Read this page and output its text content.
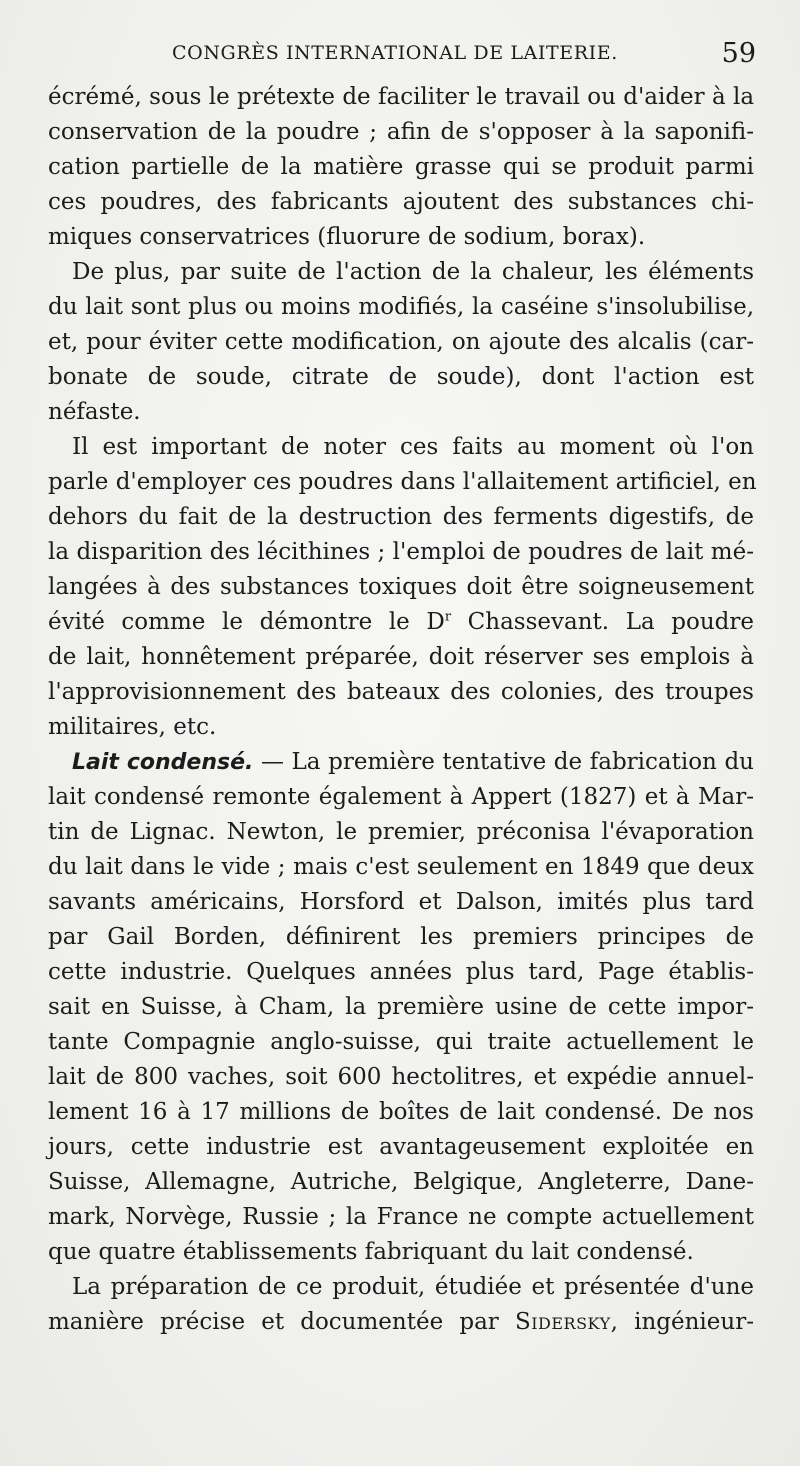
CONGRÈS INTERNATIONAL DE LAITERIE.	59
écrémé, sous le prétexte de faciliter le travail ou d'aider à la
conservation de la poudre ; afin de s'opposer à la saponifi-
cation partielle de la matière grasse qui se produit parmi
ces poudres, des fabricants ajoutent des substances chi-
miques conservatrices (fluorure de sodium, borax).
De plus, par suite de l'action de la chaleur, les éléments
du lait sont plus ou moins modifiés, la caséine s'insolubilise,
et, pour éviter cette modification, on ajoute des alcalis (car-
bonate de soude, citrate de soude), dont l'action est
néfaste.
Il est important de noter ces faits au moment où l'on
parle d'employer ces poudres dans l'allaitement artificiel, en
dehors du fait de la destruction des ferments digestifs, de
la disparition des lécithines ; l'emploi de poudres de lait mé-
langées à des substances toxiques doit être soigneusement
évité comme le démontre le $D^r$ Chassevant. La poudre
de lait, honnêtement préparée, doit réserver ses emplois à
l'approvisionnement des bateaux des colonies, des troupes
militaires, etc.
Lait condensé. — La première tentative de fabrication du
lait condensé remonte également à Appert (1827) et à Mar-
tin de Lignac. Newton, le premier, préconisa l'évaporation
du lait dans le vide ; mais c'est seulement en 1849 que deux
savants américains, Horsford et Dalson, imités plus tard
par Gail Borden, définirent les premiers principes de
cette industrie. Quelques années plus tard, Page établis-
sait en Suisse, à Cham, la première usine de cette impor-
tante Compagnie anglo-suisse, qui traite actuellement le
lait de 800 vaches, soit 600 hectolitres, et expédie annuel-
lement 16 à 17 millions de boîtes de lait condensé. De nos
jours, cette industrie est avantageusement exploitée en
Suisse, Allemagne, Autriche, Belgique, Angleterre, Dane-
mark, Norvège, Russie ; la France ne compte actuellement
que quatre établissements fabriquant du lait condensé.
La préparation de ce produit, étudiée et présentée d'une
manière précise et documentée par Sidersky, ingénieur-
